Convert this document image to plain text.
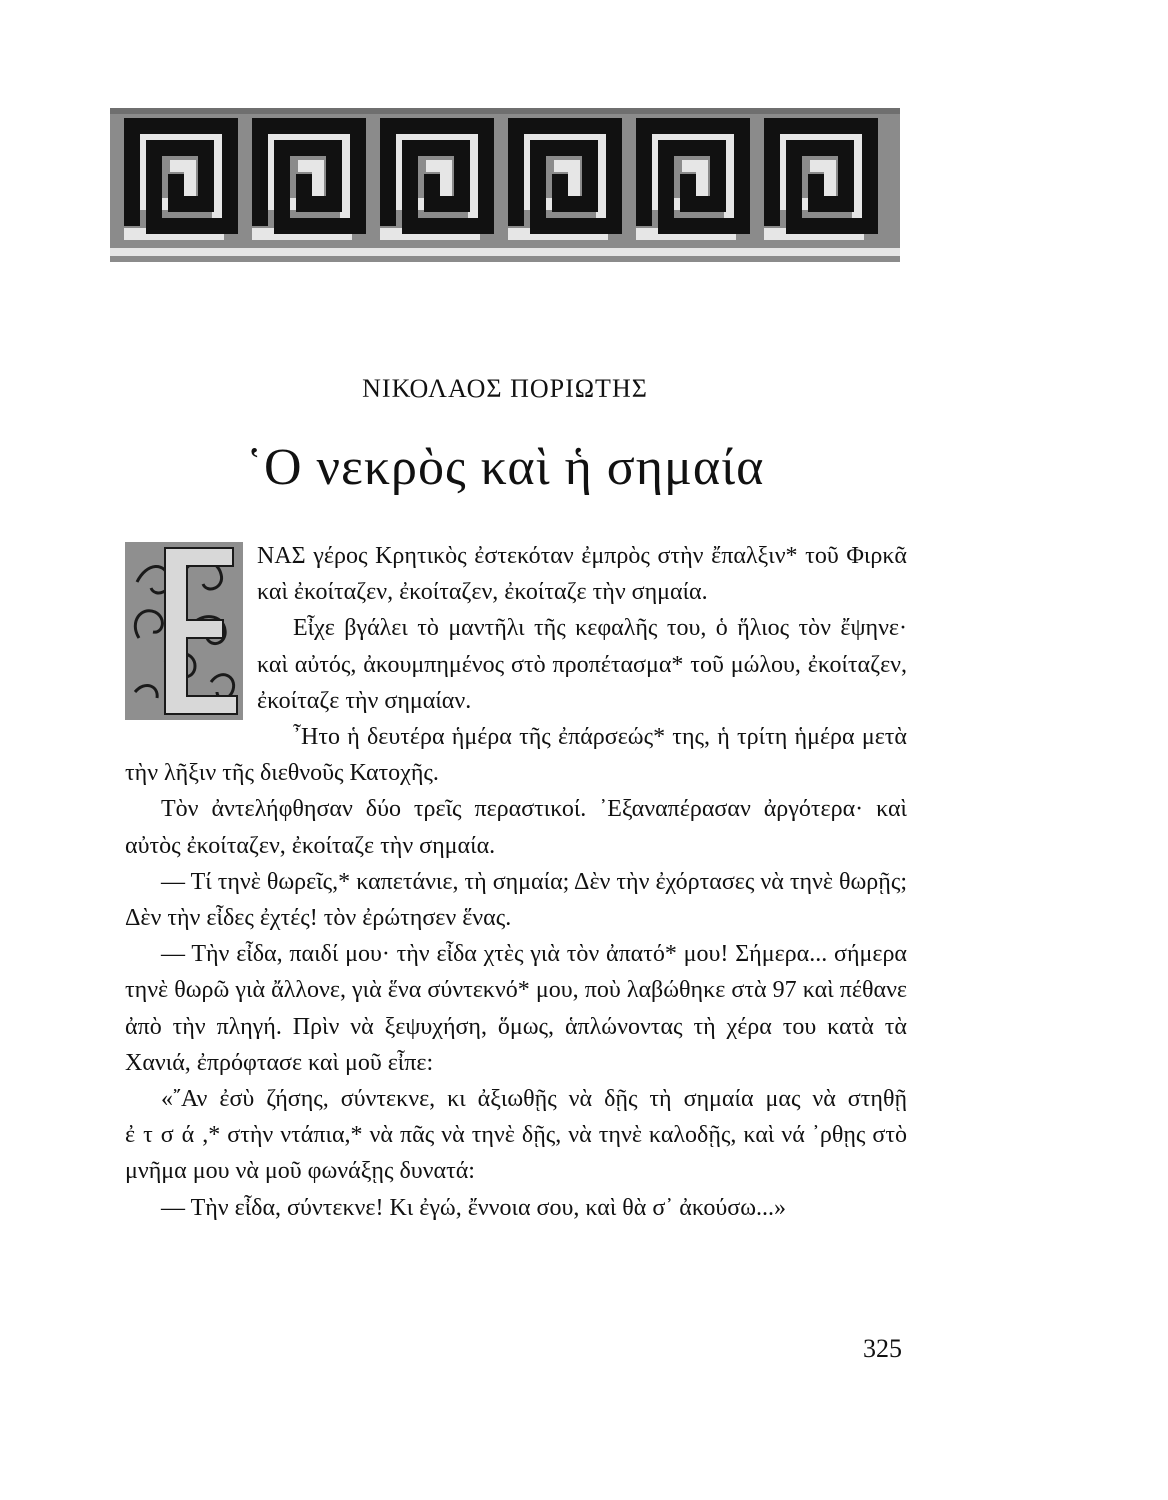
ΝΙΚΟΛΑΟΣ ΠΟΡΙΩΤΗΣ
῾Ο νεκρὸς καὶ ἡ σημαία
Ε

ΝΑΣ γέρος Κρητικὸς ἐστεκόταν ἐμπρὸς στὴν ἔπαλξιν* τοῦ Φιρκᾶ καὶ ἐκοίταζεν, ἐκοίταζεν, ἐκοίταζε τὴν σημαία.

Εἶχε βγάλει τὸ μαντῆλι τῆς κεφαλῆς του, ὁ ἥλιος τὸν ἔψηνε· καὶ αὐτός, ἀκουμπημένος στὸ προπέτασμα* τοῦ μώλου, ἐκοίταζεν, ἐκοίταζε τὴν σημαίαν.

῏Ητο ἡ δευτέρα ἡμέρα τῆς ἐπάρσεώς* της, ἡ τρίτη ἡμέρα μετὰ τὴν λῆξιν τῆς διεθνοῦς Κατοχῆς.

Τὸν ἀντελήφθησαν δύο τρεῖς περαστικοί. ᾿Εξαναπέρασαν ἀργότερα· καὶ αὐτὸς ἐκοίταζεν, ἐκοίταζε τὴν σημαία.

— Τί τηνὲ θωρεῖς,* καπετάνιε, τὴ σημαία; Δὲν τὴν ἐχόρτασες νὰ τηνὲ θωρῇς; Δὲν τὴν εἶδες ἐχτές! τὸν ἐρώτησεν ἕνας.

— Τὴν εἶδα, παιδί μου· τὴν εἶδα χτὲς γιὰ τὸν ἀπατό* μου! Σήμερα... σήμερα τηνὲ θωρῶ γιὰ ἄλλονε, γιὰ ἕνα σύντεκνό* μου, ποὺ λαβώθηκε στὰ 97 καὶ πέθανε ἀπὸ τὴν πληγή. Πρὶν νὰ ξεψυχήση, ὅμως, ἁπλώνοντας τὴ χέρα του κατὰ τὰ Χανιά, ἐπρόφτασε καὶ μοῦ εἶπε:

«῎Αν ἐσὺ ζήσης, σύντεκνε, κι ἀξιωθῇς νὰ δῇς τὴ σημαία μας νὰ στηθῇ ἐτσά,* στὴν ντάπια,* νὰ πᾶς νὰ τηνὲ δῇς, νὰ τηνὲ καλοδῇς, καὶ νά ᾿ρθῃς στὸ μνῆμα μου νὰ μοῦ φωνάξῃς δυνατά:

— Τὴν εἶδα, σύντεκνε! Κι ἐγώ, ἔννοια σου, καὶ θὰ σ᾿ ἀκούσω...»

325
